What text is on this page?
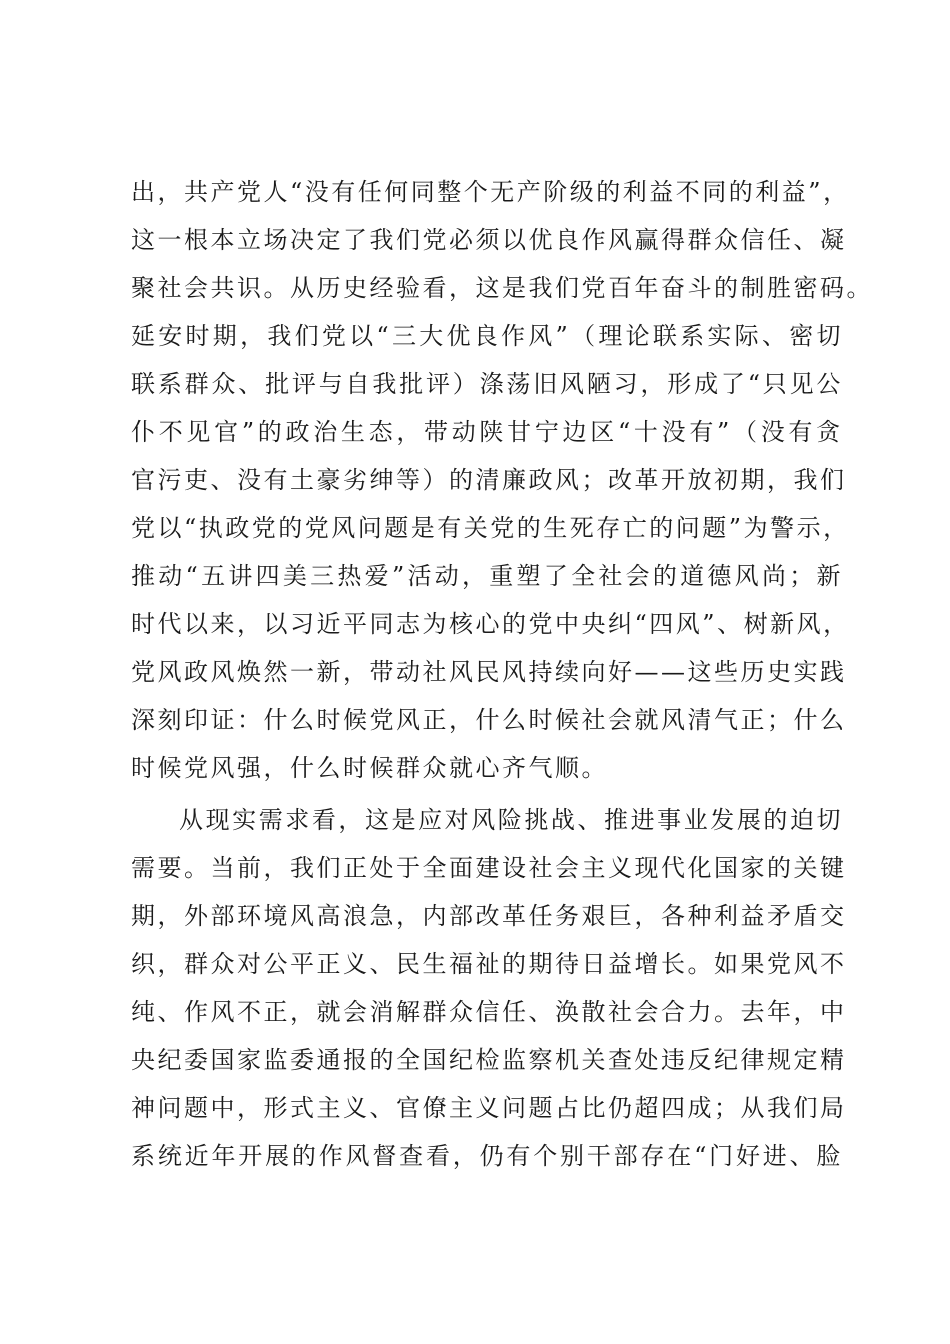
出 ， 共 产 党 人 “ 没 有 任 何 同 整 个 无 产 阶 级 的 利 益 不 同 的 利 益 ” ，
这 一 根 本 立 场 决 定 了 我 们 党 必 须 以 优 良 作 风 赢 得 群 众 信 任 、 凝
聚 社 会 共 识 。 从 历 史 经 验 看 ， 这 是 我 们 党 百 年 奋 斗 的 制 胜 密 码 。
延 安 时 期 ， 我 们 党 以 “ 三 大 优 良 作 风 ” （ 理 论 联 系 实 际 、 密 切
联 系 群 众 、 批 评 与 自 我 批 评 ） 涤 荡 旧 风 陋 习 ， 形 成 了 “ 只 见 公
仆 不 见 官 ” 的 政 治 生 态 ， 带 动 陕 甘 宁 边 区 “ 十 没 有 ” （ 没 有 贪
官 污 吏 、 没 有 土 豪 劣 绅 等 ） 的 清 廉 政 风 ； 改 革 开 放 初 期 ， 我 们
党 以 “ 执 政 党 的 党 风 问 题 是 有 关 党 的 生 死 存 亡 的 问 题 ” 为 警 示 ，
推 动 “ 五 讲 四 美 三 热 爱 ” 活 动 ， 重 塑 了 全 社 会 的 道 德 风 尚 ； 新
时 代 以 来 ， 以 习 近 平 同 志 为 核 心 的 党 中 央 纠 “ 四 风 ” 、 树 新 风 ，
党 风 政 风 焕 然 一 新 ， 带 动 社 风 民 风 持 续 向 好 — — 这 些 历 史 实 践
深 刻 印 证 ： 什 么 时 候 党 风 正 ， 什 么 时 候 社 会 就 风 清 气 正 ； 什 么
时候党风强，什么时候群众就心齐气顺。
从 现 实 需 求 看 ， 这 是 应 对 风 险 挑 战 、 推 进 事 业 发 展 的 迫 切
需 要 。 当 前 ， 我 们 正 处 于 全 面 建 设 社 会 主 义 现 代 化 国 家 的 关 键
期 ， 外 部 环 境 风 高 浪 急 ， 内 部 改 革 任 务 艰 巨 ， 各 种 利 益 矛 盾 交
织 ， 群 众 对 公 平 正 义 、 民 生 福 祉 的 期 待 日 益 增 长 。 如 果 党 风 不
纯 、 作 风 不 正 ， 就 会 消 解 群 众 信 任 、 涣 散 社 会 合 力 。 去 年 ， 中
央 纪 委 国 家 监 委 通 报 的 全 国 纪 检 监 察 机 关 查 处 违 反 纪 律 规 定 精
神 问 题 中 ， 形 式 主 义 、 官 僚 主 义 问 题 占 比 仍 超 四 成 ； 从 我 们 局
系 统 近 年 开 展 的 作 风 督 查 看 ， 仍 有 个 别 干 部 存 在 “ 门 好 进 、 脸
